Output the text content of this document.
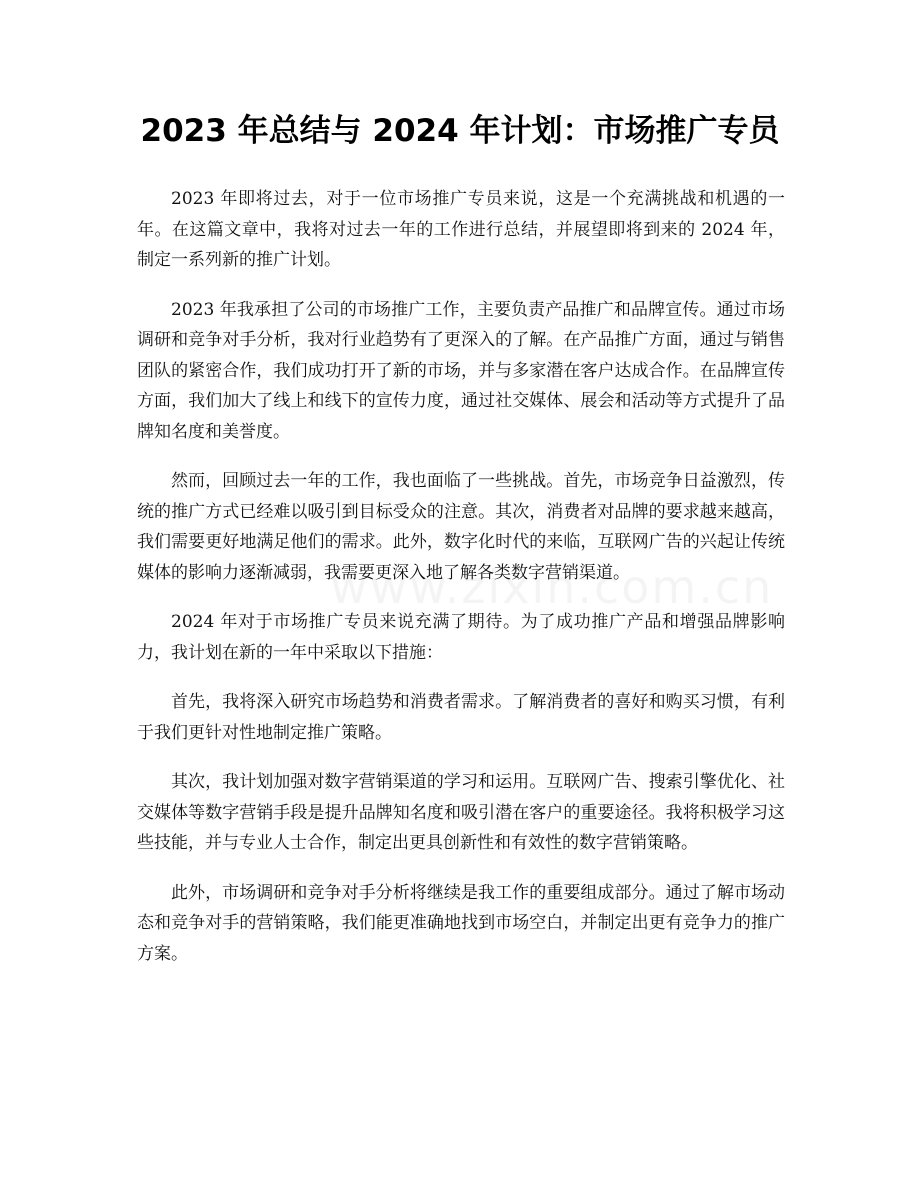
2023 年总结与 2024 年计划：市场推广专员

2023 年即将过去，对于一位市场推广专员来说，这是一个充满挑战和机遇的一年。在这篇文章中，我将对过去一年的工作进行总结，并展望即将到来的 2024 年，制定一系列新的推广计划。

2023 年我承担了公司的市场推广工作，主要负责产品推广和品牌宣传。通过市场调研和竞争对手分析，我对行业趋势有了更深入的了解。在产品推广方面，通过与销售团队的紧密合作，我们成功打开了新的市场，并与多家潜在客户达成合作。在品牌宣传方面，我们加大了线上和线下的宣传力度，通过社交媒体、展会和活动等方式提升了品牌知名度和美誉度。

然而，回顾过去一年的工作，我也面临了一些挑战。首先，市场竞争日益激烈，传统的推广方式已经难以吸引到目标受众的注意。其次，消费者对品牌的要求越来越高，我们需要更好地满足他们的需求。此外，数字化时代的来临，互联网广告的兴起让传统媒体的影响力逐渐减弱，我需要更深入地了解各类数字营销渠道。

2024 年对于市场推广专员来说充满了期待。为了成功推广产品和增强品牌影响力，我计划在新的一年中采取以下措施：

首先，我将深入研究市场趋势和消费者需求。了解消费者的喜好和购买习惯，有利于我们更针对性地制定推广策略。

其次，我计划加强对数字营销渠道的学习和运用。互联网广告、搜索引擎优化、社交媒体等数字营销手段是提升品牌知名度和吸引潜在客户的重要途径。我将积极学习这些技能，并与专业人士合作，制定出更具创新性和有效性的数字营销策略。

此外，市场调研和竞争对手分析将继续是我工作的重要组成部分。通过了解市场动态和竞争对手的营销策略，我们能更准确地找到市场空白，并制定出更有竞争力的推广方案。
